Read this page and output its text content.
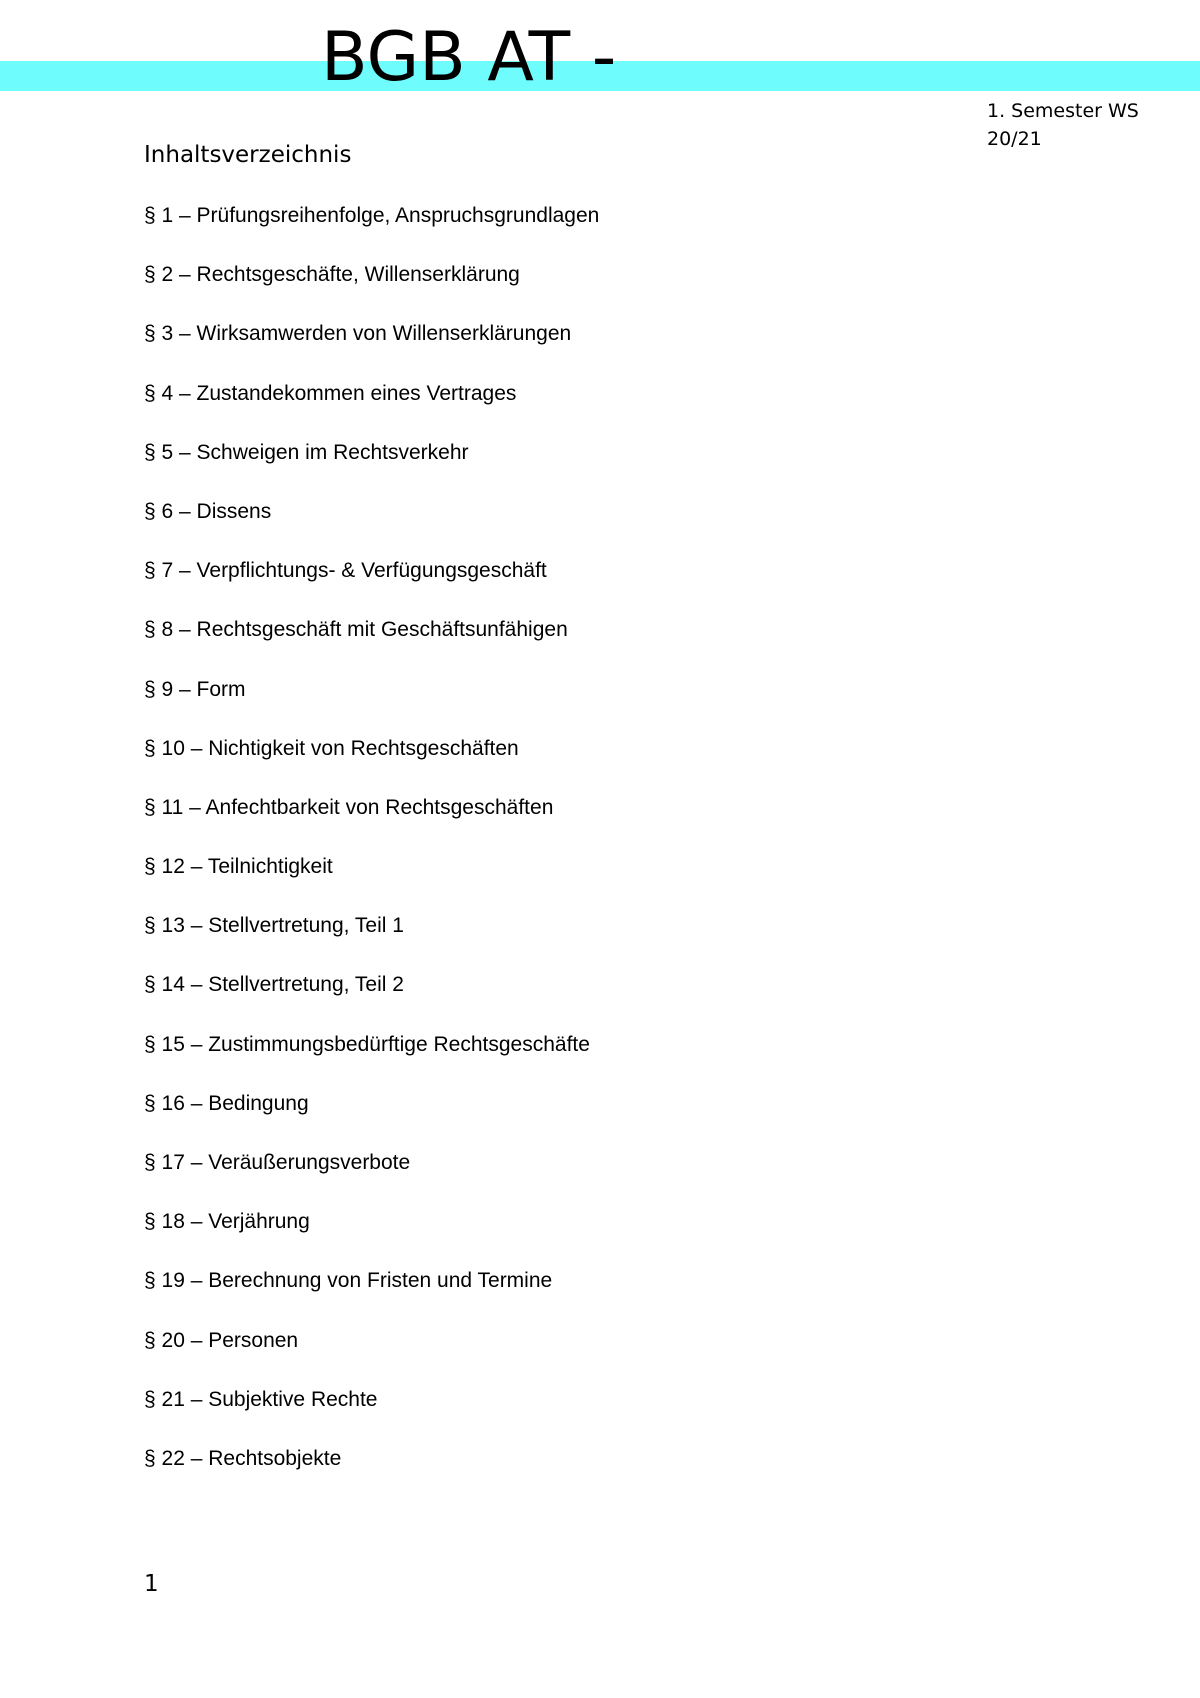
BGB AT -
1. Semester WS 20/21
Inhaltsverzeichnis
§ 1 – Prüfungsreihenfolge, Anspruchsgrundlagen
§ 2 – Rechtsgeschäfte, Willenserklärung
§ 3 – Wirksamwerden von Willenserklärungen
§ 4 – Zustandekommen eines Vertrages
§ 5 – Schweigen im Rechtsverkehr
§ 6 – Dissens
§ 7 – Verpflichtungs- & Verfügungsgeschäft
§ 8 – Rechtsgeschäft mit Geschäftsunfähigen
§ 9 – Form
§ 10 – Nichtigkeit von Rechtsgeschäften
§ 11 – Anfechtbarkeit von Rechtsgeschäften
§ 12 – Teilnichtigkeit
§ 13 – Stellvertretung, Teil 1
§ 14 – Stellvertretung, Teil 2
§ 15 – Zustimmungsbedürftige Rechtsgeschäfte
§ 16 – Bedingung
§ 17 – Veräußerungsverbote
§ 18 – Verjährung
§ 19 – Berechnung von Fristen und Termine
§ 20 – Personen
§ 21 – Subjektive Rechte
§ 22 – Rechtsobjekte
1
